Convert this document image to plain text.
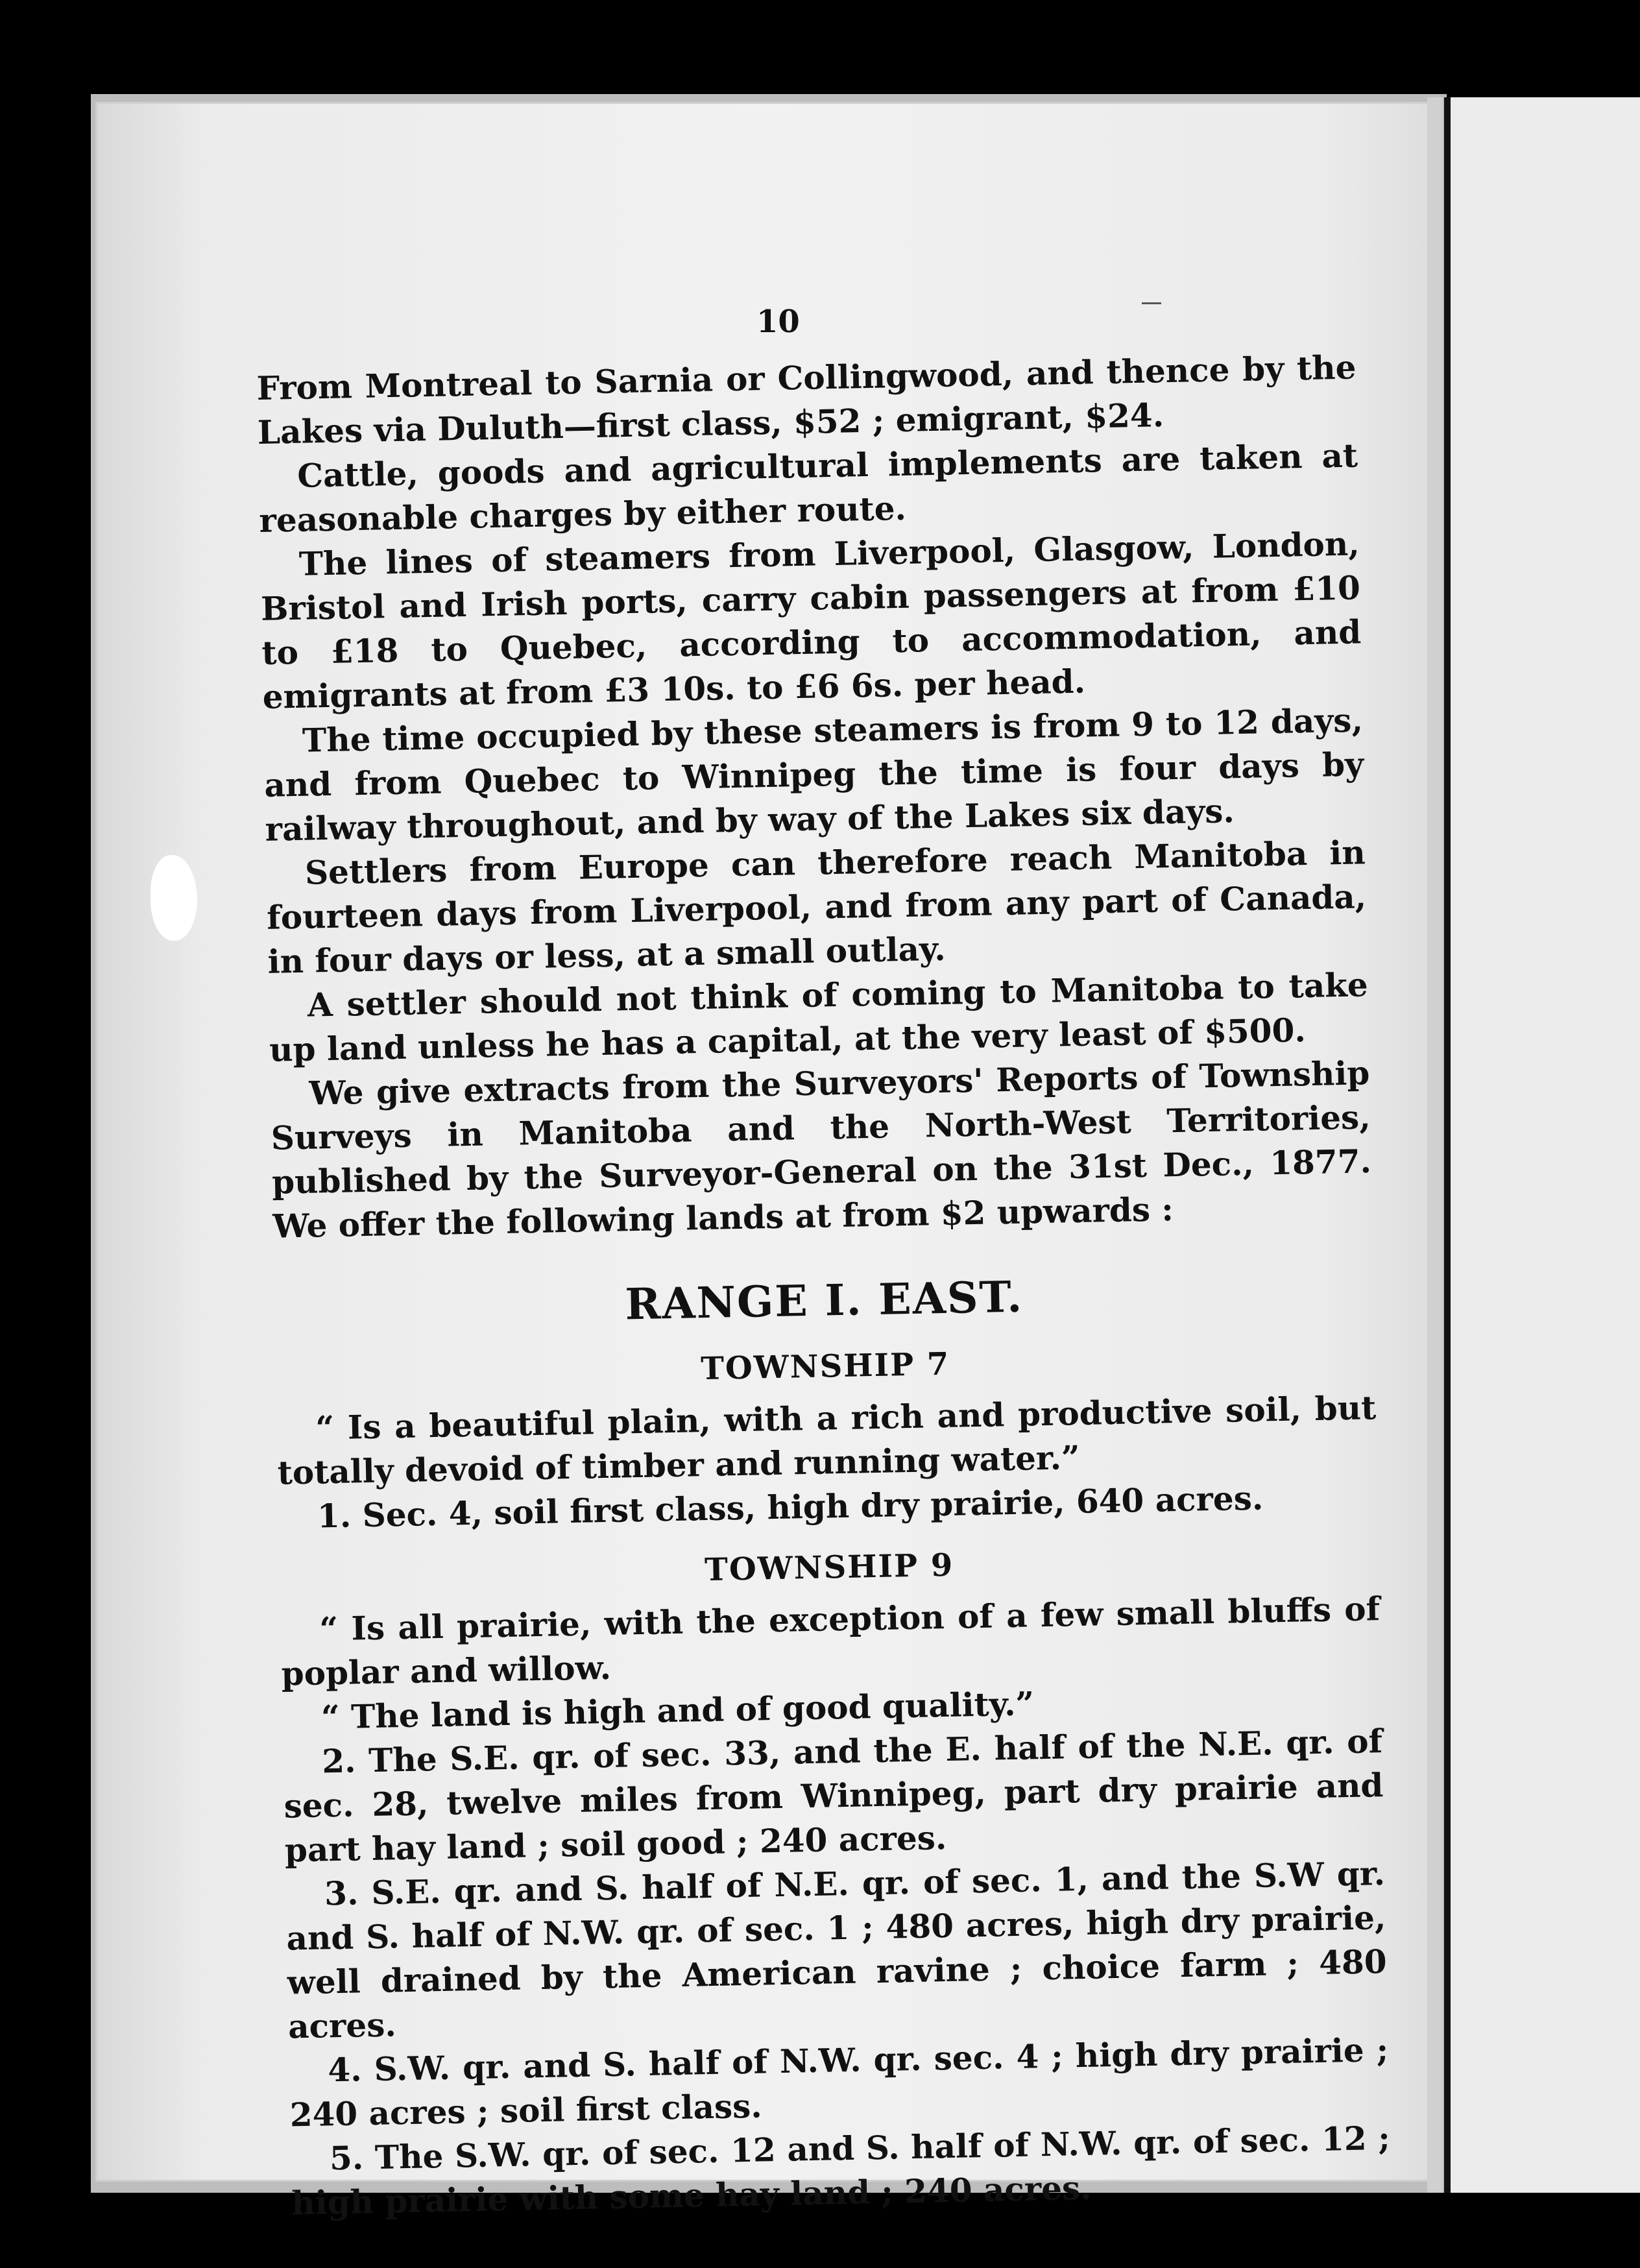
10

From Montreal to Sarnia or Collingwood, and thence by the Lakes via Duluth—first class, $52 ; emigrant, $24.

Cattle, goods and agricultural implements are taken at reasonable charges by either route.

The lines of steamers from Liverpool, Glasgow, London, Bristol and Irish ports, carry cabin passengers at from £10 to £18 to Quebec, according to accommodation, and emigrants at from £3 10s. to £6 6s. per head.

The time occupied by these steamers is from 9 to 12 days, and from Quebec to Winnipeg the time is four days by railway throughout, and by way of the Lakes six days.

Settlers from Europe can therefore reach Manitoba in fourteen days from Liverpool, and from any part of Canada, in four days or less, at a small outlay.

A settler should not think of coming to Manitoba to take up land unless he has a capital, at the very least of $500.

We give extracts from the Surveyors' Reports of Township Surveys in Manitoba and the North-West Territories, published by the Surveyor-General on the 31st Dec., 1877. We offer the following lands at from $2 upwards :

RANGE I. EAST.
TOWNSHIP 7

“ Is a beautiful plain, with a rich and productive soil, but totally devoid of timber and running water.”

1. Sec. 4, soil first class, high dry prairie, 640 acres.

TOWNSHIP 9

“ Is all prairie, with the exception of a few small bluffs of poplar and willow.

“ The land is high and of good quality.”

2. The S.E. qr. of sec. 33, and the E. half of the N.E. qr. of sec. 28, twelve miles from Winnipeg, part dry prairie and part hay land ; soil good ; 240 acres.

3. S.E. qr. and S. half of N.E. qr. of sec. 1, and the S.W qr. and S. half of N.W. qr. of sec. 1 ; 480 acres, high dry prairie, well drained by the American ravine ; choice farm ; 480 acres.

4. S.W. qr. and S. half of N.W. qr. sec. 4 ; high dry prairie ; 240 acres ; soil first class.

5. The S.W. qr. of sec. 12 and S. half of N.W. qr. of sec. 12 ; high prairie with some hay land ; 240 acres.
